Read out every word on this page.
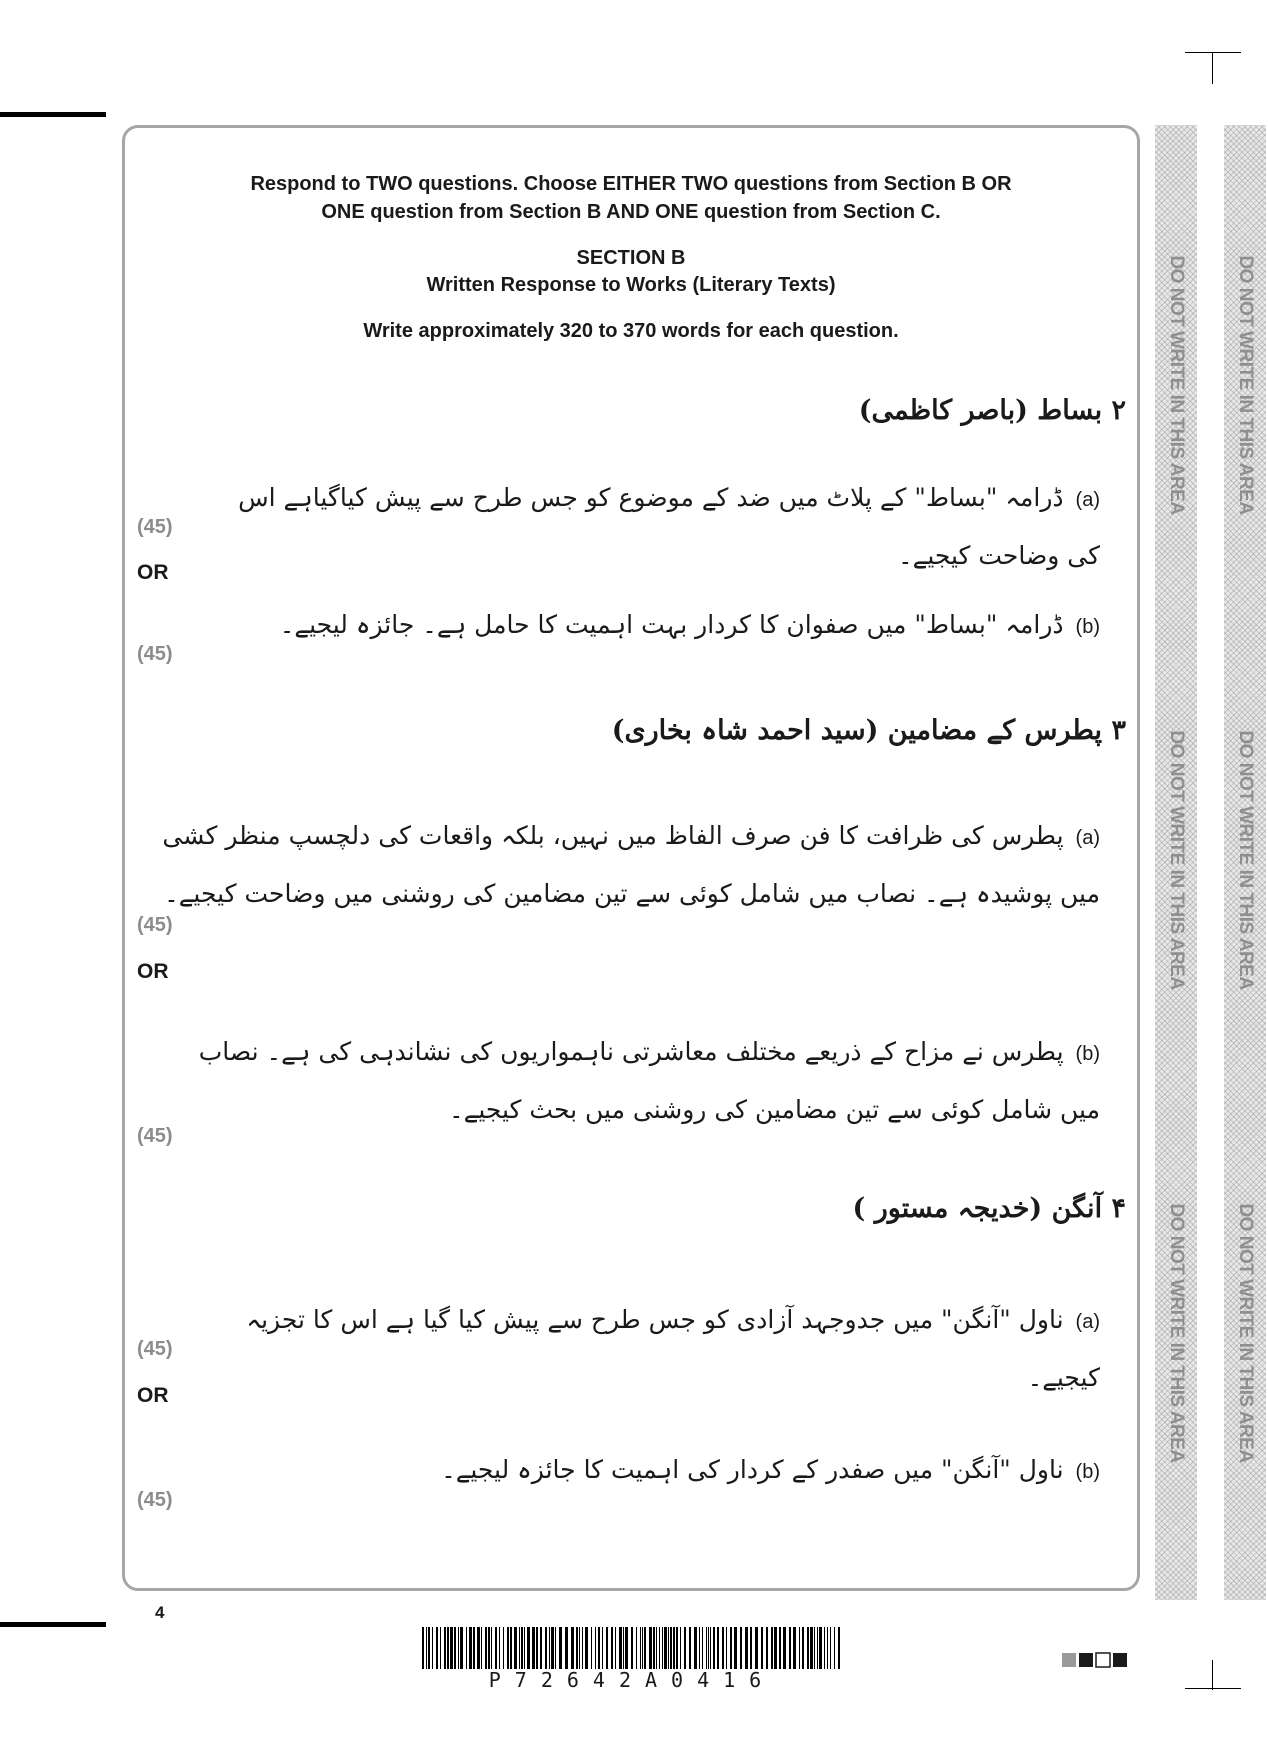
Respond to TWO questions. Choose EITHER TWO questions from Section B OR
ONE question from Section B AND ONE question from Section C.
SECTION B
Written Response to Works (Literary Texts)
Write approximately 320 to 370 words for each question.
۲ بساط (باصر کاظمی)
(a)ڈرامہ "بساط" کے پلاٹ میں ضد کے موضوع کو جس طرح سے پیش کیاگیاہے اس کی وضاحت کیجیے۔
(45)
OR
(b)ڈرامہ "بساط" میں صفوان کا کردار بہت اہمیت کا حامل ہے۔ جائزہ لیجیے۔
(45)
۳ پطرس کے مضامین (سید احمد شاہ بخاری)
(a)پطرس کی ظرافت کا فن صرف الفاظ میں نہیں، بلکہ واقعات کی دلچسپ منظر کشی میں پوشیدہ ہے۔ نصاب میں شامل کوئی سے تین مضامین کی روشنی میں وضاحت کیجیے۔
(45)
OR
(b)پطرس نے مزاح کے ذریعے مختلف معاشرتی ناہمواریوں کی نشاندہی کی ہے۔ نصاب میں شامل کوئی سے تین مضامین کی روشنی میں بحث کیجیے۔
(45)
۴ آنگن (خدیجہ مستور )
(a)ناول "آنگن" میں جدوجہد آزادی کو جس طرح سے پیش کیا گیا ہے اس کا تجزیہ کیجیے۔
(45)
OR
(b)ناول "آنگن" میں صفدر کے کردار کی اہمیت کا جائزہ لیجیے۔
(45)
DO NOT WRITE IN THIS AREA
DO NOT WRITE IN THIS AREA
DO NOT WRITE IN THIS AREA
DO NOT WRITE IN THIS AREA
DO NOT WRITE IN THIS AREA
DO NOT WRITE IN THIS AREA
4
P72642A0416
